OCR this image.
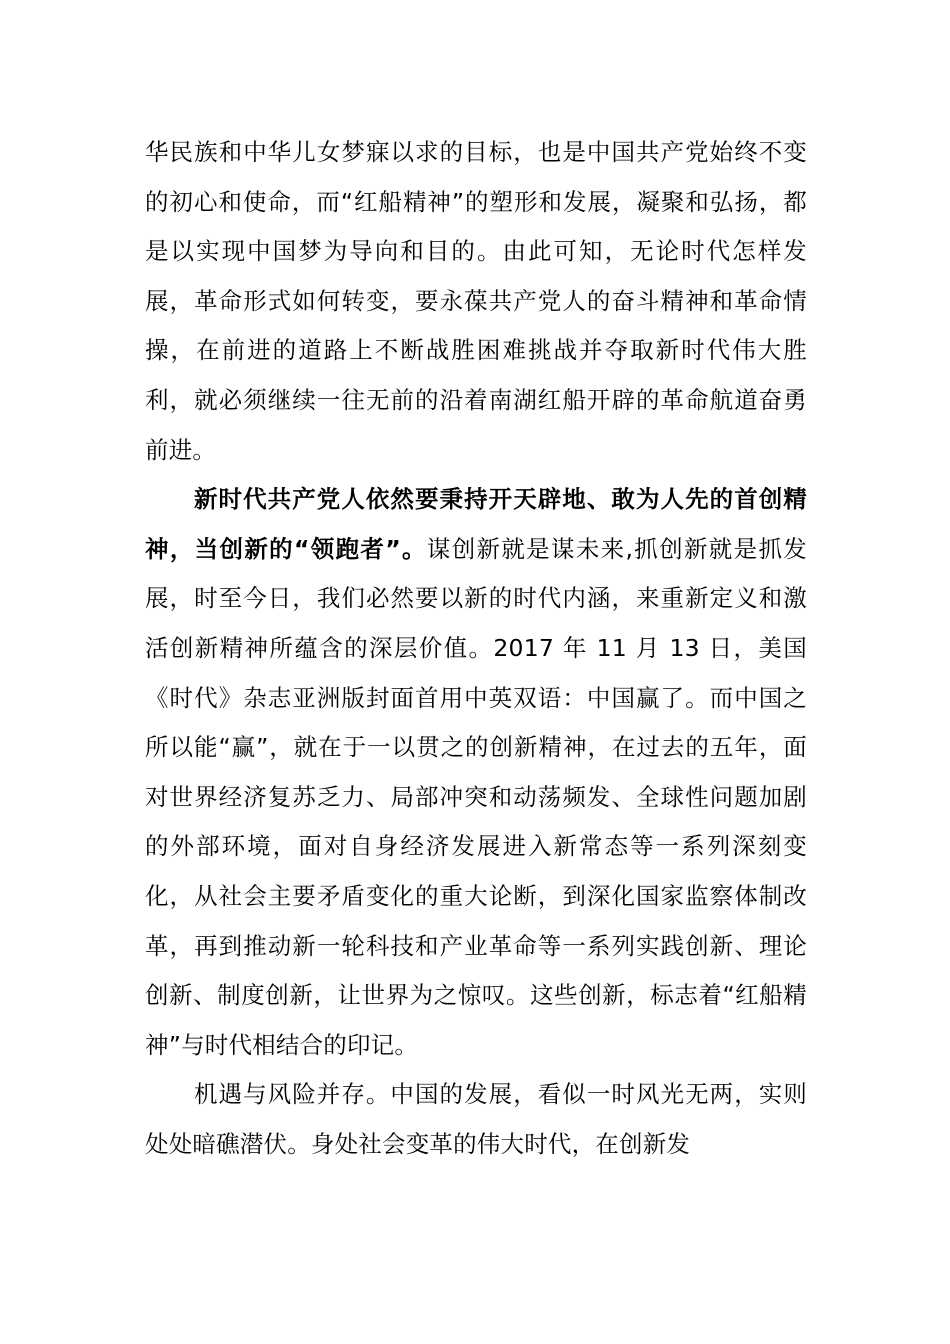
华民族和中华儿女梦寐以求的目标，也是中国共产党始终不变的初心和使命，而“红船精神”的塑形和发展，凝聚和弘扬，都是以实现中国梦为导向和目的。由此可知，无论时代怎样发展，革命形式如何转变，要永葆共产党人的奋斗精神和革命情操，在前进的道路上不断战胜困难挑战并夺取新时代伟大胜利，就必须继续一往无前的沿着南湖红船开辟的革命航道奋勇前进。

新时代共产党人依然要秉持开天辟地、敢为人先的首创精神，当创新的“领跑者”。谋创新就是谋未来,抓创新就是抓发展，时至今日，我们必然要以新的时代内涵，来重新定义和激活创新精神所蕴含的深层价值。2017 年 11 月 13 日，美国《时代》杂志亚洲版封面首用中英双语：中国赢了。而中国之所以能“赢”，就在于一以贯之的创新精神，在过去的五年，面对世界经济复苏乏力、局部冲突和动荡频发、全球性问题加剧的外部环境，面对自身经济发展进入新常态等一系列深刻变化，从社会主要矛盾变化的重大论断，到深化国家监察体制改革，再到推动新一轮科技和产业革命等一系列实践创新、理论创新、制度创新，让世界为之惊叹。这些创新，标志着“红船精神”与时代相结合的印记。

机遇与风险并存。中国的发展，看似一时风光无两，实则处处暗礁潜伏。身处社会变革的伟大时代，在创新发
